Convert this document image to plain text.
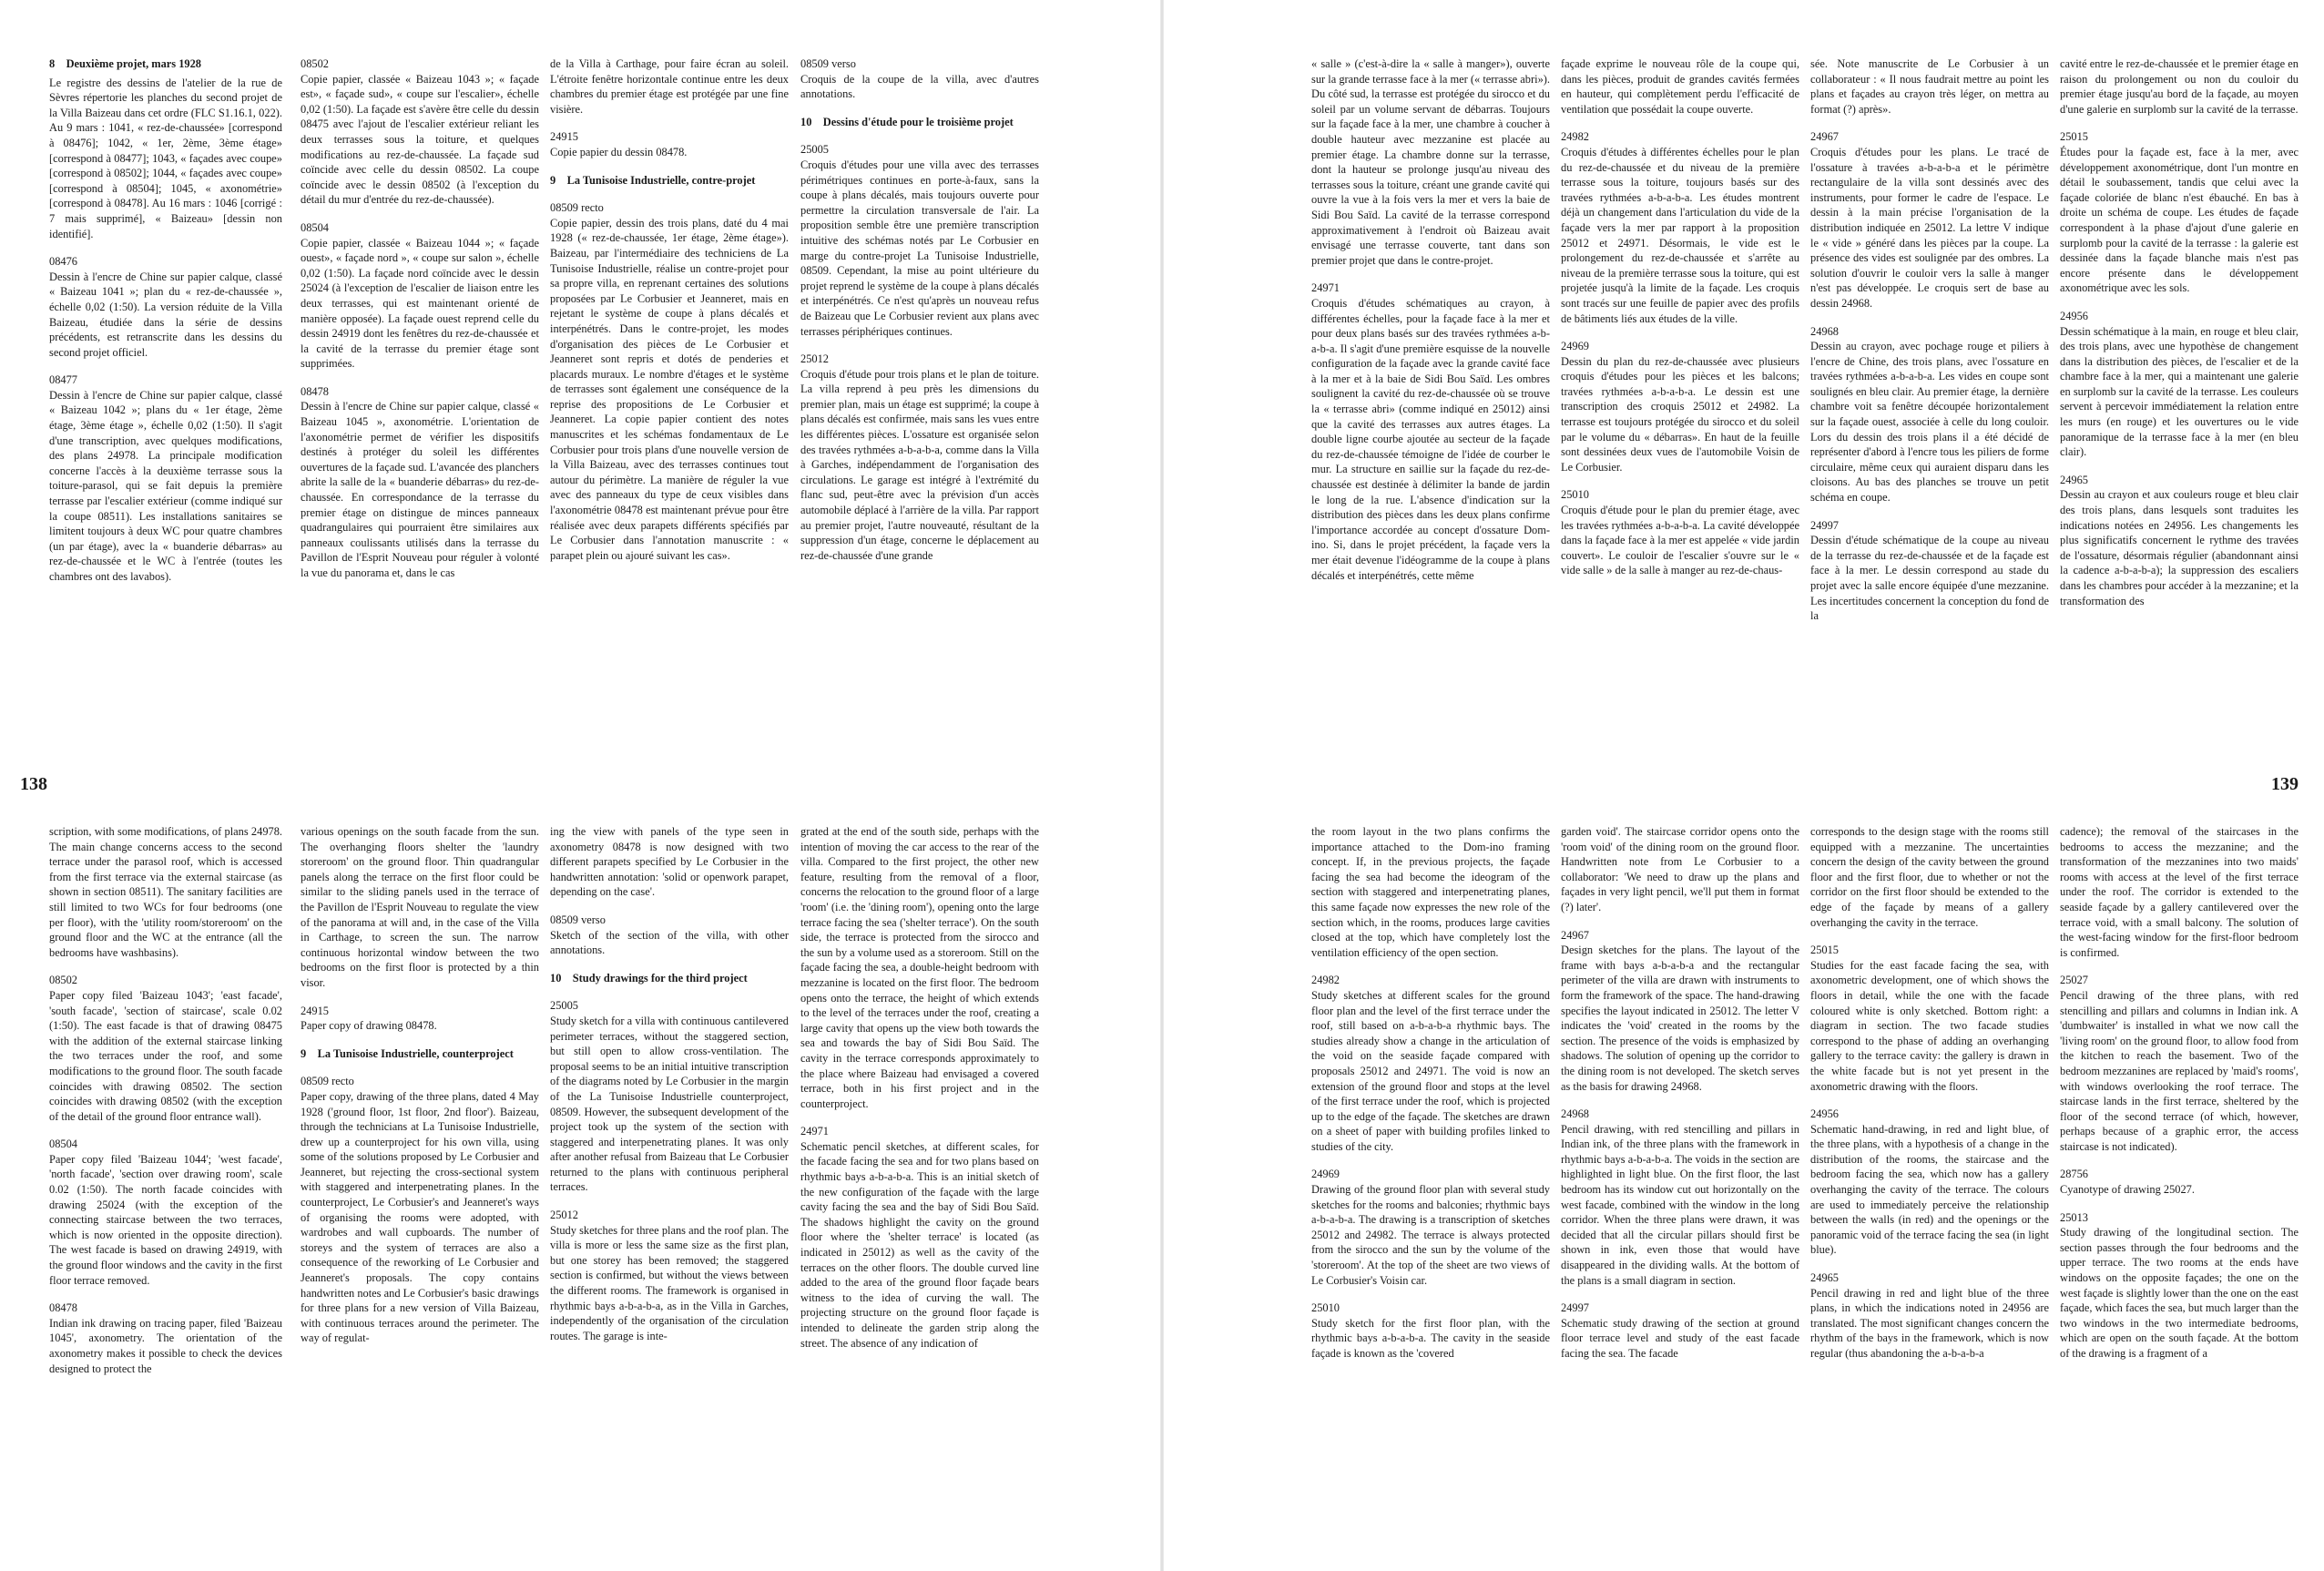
8 Deuxième projet, mars 1928
Le registre des dessins de l'atelier de la rue de Sèvres répertorie les planches du second projet de la Villa Baizeau dans cet ordre (FLC S1.16.1, 022). Au 9 mars : 1041, « rez-de-chaussée» [correspond à 08476]; 1042, « 1er, 2ème, 3ème étage» [correspond à 08477]; 1043, « façades avec coupe» [correspond à 08502]; 1044, « façades avec coupe» [correspond à 08504]; 1045, « axonométrie» [correspond à 08478]. Au 16 mars : 1046 [corrigé : 7 mais supprimé], « Baizeau» [dessin non identifié].

08476
Dessin à l'encre de Chine sur papier calque, classé « Baizeau 1041 »; plan du « rez-de-chaussée », échelle 0,02 (1:50). La version réduite de la Villa Baizeau, étudiée dans la série de dessins précédents, est retranscrite dans les dessins du second projet officiel.

08477
Dessin à l'encre de Chine sur papier calque, classé « Baizeau 1042 »; plans du « 1er étage, 2ème étage, 3ème étage », échelle 0,02 (1:50). Il s'agit d'une transcription, avec quelques modifications, des plans 24978. La principale modification concerne l'accès à la deuxième terrasse sous la toiture-parasol, qui se fait depuis la première terrasse par l'escalier extérieur (comme indiqué sur la coupe 08511). Les installations sanitaires se limitent toujours à deux WC pour quatre chambres (un par étage), avec la « buanderie débarras» au rez-de-chaussée et le WC à l'entrée (toutes les chambres ont des lavabos).

08502
Copie papier, classée « Baizeau 1043 »; « façade est», « façade sud», « coupe sur l'escalier», échelle 0,02 (1:50). La façade est s'avère être celle du dessin 08475 avec l'ajout de l'escalier extérieur reliant les deux terrasses sous la toiture, et quelques modifications au rez-de-chaussée. La façade sud coïncide avec celle du dessin 08502. La coupe coïncide avec le dessin 08502 (à l'exception du détail du mur d'entrée du rez-de-chaussée).

08504
Copie papier, classée « Baizeau 1044 »; « façade ouest», « façade nord », « coupe sur salon », échelle 0,02 (1:50). La façade nord coïncide avec le dessin 25024 (à l'exception de l'escalier de liaison entre les deux terrasses, qui est maintenant orienté de manière opposée). La façade ouest reprend celle du dessin 24919 dont les fenêtres du rez-de-chaussée et la cavité de la terrasse du premier étage sont supprimées.

08478
Dessin à l'encre de Chine sur papier calque, classé « Baizeau 1045 », axonométrie. L'orientation de l'axonométrie permet de vérifier les dispositifs destinés à protéger du soleil les différentes ouvertures de la façade sud. L'avancée des planchers abrite la salle de la « buanderie débarras» du rez-de-chaussée. En correspondance de la terrasse du premier étage on distingue de minces panneaux quadrangulaires qui pourraient être similaires aux panneaux coulissants utilisés dans la terrasse du Pavillon de l'Esprit Nouveau pour réguler à volonté la vue du panorama et, dans le cas

de la Villa à Carthage, pour faire écran au soleil. L'étroite fenêtre horizontale continue entre les deux chambres du premier étage est protégée par une fine visière.

24915
Copie papier du dessin 08478.

9 La Tunisoise Industrielle, contre-projet

08509 recto
Copie papier, dessin des trois plans, daté du 4 mai 1928 (« rez-de-chaussée, 1er étage, 2ème étage»). Baizeau, par l'intermédiaire des techniciens de La Tunisoise Industrielle, réalise un contre-projet pour sa propre villa, en reprenant certaines des solutions proposées par Le Corbusier et Jeanneret, mais en rejetant le système de coupe à plans décalés et interpénétrés. Dans le contre-projet, les modes d'organisation des pièces de Le Corbusier et Jeanneret sont repris et dotés de penderies et placards muraux. Le nombre d'étages et le système de terrasses sont également une conséquence de la reprise des propositions de Le Corbusier et Jeanneret. La copie papier contient des notes manuscrites et les schémas fondamentaux de Le Corbusier pour trois plans d'une nouvelle version de la Villa Baizeau, avec des terrasses continues tout autour du périmètre. La manière de réguler la vue avec des panneaux du type de ceux visibles dans l'axonométrie 08478 est maintenant prévue pour être réalisée avec deux parapets différents spécifiés par Le Corbusier dans l'annotation manuscrite : « parapet plein ou ajouré suivant les cas».

08509 verso
Croquis de la coupe de la villa, avec d'autres annotations.

10 Dessins d'étude pour le troisième projet

25005
Croquis d'études pour une villa avec des terrasses périmétriques continues en porte-à-faux, sans la coupe à plans décalés, mais toujours ouverte pour permettre la circulation transversale de l'air. La proposition semble être une première transcription intuitive des schémas notés par Le Corbusier en marge du contre-projet La Tunisoise Industrielle, 08509. Cependant, la mise au point ultérieure du projet reprend le système de la coupe à plans décalés et interpénétrés. Ce n'est qu'après un nouveau refus de Baizeau que Le Corbusier revient aux plans avec terrasses périphériques continues.

25012
Croquis d'étude pour trois plans et le plan de toiture. La villa reprend à peu près les dimensions du premier plan, mais un étage est supprimé; la coupe à plans décalés est confirmée, mais sans les vues entre les différentes pièces. L'ossature est organisée selon des travées rythmées a-b-a-b-a, comme dans la Villa à Garches, indépendamment de l'organisation des circulations. Le garage est intégré à l'extrémité du flanc sud, peut-être avec la prévision d'un accès automobile déplacé à l'arrière de la villa. Par rapport au premier projet, l'autre nouveauté, résultant de la suppression d'un étage, concerne le déplacement au rez-de-chaussée d'une grande

138

scription, with some modifications, of plans 24978. The main change concerns access to the second terrace under the parasol roof, which is accessed from the first terrace via the external staircase (as shown in section 08511). The sanitary facilities are still limited to two WCs for four bedrooms (one per floor), with the 'utility room/storeroom' on the ground floor and the WC at the entrance (all the bedrooms have washbasins).

08502
Paper copy filed 'Baizeau 1043'; 'east facade', 'south facade', 'section of staircase', scale 0.02 (1:50). The east facade is that of drawing 08475 with the addition of the external staircase linking the two terraces under the roof, and some modifications to the ground floor. The south facade coincides with drawing 08502. The section coincides with drawing 08502 (with the exception of the detail of the ground floor entrance wall).

08504
Paper copy filed 'Baizeau 1044'; 'west facade', 'north facade', 'section over drawing room', scale 0.02 (1:50). The north facade coincides with drawing 25024 (with the exception of the connecting staircase between the two terraces, which is now oriented in the opposite direction). The west facade is based on drawing 24919, with the ground floor windows and the cavity in the first floor terrace removed.

08478
Indian ink drawing on tracing paper, filed 'Baizeau 1045', axonometry. The orientation of the axonometry makes it possible to check the devices designed to protect the

various openings on the south facade from the sun. The overhanging floors shelter the 'laundry storeroom' on the ground floor. Thin quadrangular panels along the terrace on the first floor could be similar to the sliding panels used in the terrace of the Pavillon de l'Esprit Nouveau to regulate the view of the panorama at will and, in the case of the Villa in Carthage, to screen the sun. The narrow continuous horizontal window between the two bedrooms on the first floor is protected by a thin visor.

24915
Paper copy of drawing 08478.

9 La Tunisoise Industrielle, counterproject

08509 recto
Paper copy, drawing of the three plans, dated 4 May 1928 ('ground floor, 1st floor, 2nd floor'). Baizeau, through the technicians at La Tunisoise Industrielle, drew up a counterproject for his own villa, using some of the solutions proposed by Le Corbusier and Jeanneret, but rejecting the cross-sectional system with staggered and interpenetrating planes. In the counterproject, Le Corbusier's and Jeanneret's ways of organising the rooms were adopted, with wardrobes and wall cupboards. The number of storeys and the system of terraces are also a consequence of the reworking of Le Corbusier and Jeanneret's proposals. The copy contains handwritten notes and Le Corbusier's basic drawings for three plans for a new version of Villa Baizeau, with continuous terraces around the perimeter. The way of regulat-

ing the view with panels of the type seen in axonometry 08478 is now designed with two different parapets specified by Le Corbusier in the handwritten annotation: 'solid or openwork parapet, depending on the case'.

08509 verso
Sketch of the section of the villa, with other annotations.

10 Study drawings for the third project

25005
Study sketch for a villa with continuous cantilevered perimeter terraces, without the staggered section, but still open to allow cross-ventilation. The proposal seems to be an initial intuitive transcription of the diagrams noted by Le Corbusier in the margin of the La Tunisoise Industrielle counterproject, 08509. However, the subsequent development of the project took up the system of the section with staggered and interpenetrating planes. It was only after another refusal from Baizeau that Le Corbusier returned to the plans with continuous peripheral terraces.

25012
Study sketches for three plans and the roof plan. The villa is more or less the same size as the first plan, but one storey has been removed; the staggered section is confirmed, but without the views between the different rooms. The framework is organised in rhythmic bays a-b-a-b-a, as in the Villa in Garches, independently of the organisation of the circulation routes. The garage is inte-

grated at the end of the south side, perhaps with the intention of moving the car access to the rear of the villa. Compared to the first project, the other new feature, resulting from the removal of a floor, concerns the relocation to the ground floor of a large 'room' (i.e. the 'dining room'), opening onto the large terrace facing the sea ('shelter terrace'). On the south side, the terrace is protected from the sirocco and the sun by a volume used as a storeroom. Still on the façade facing the sea, a double-height bedroom with mezzanine is located on the first floor. The bedroom opens onto the terrace, the height of which extends to the level of the terraces under the roof, creating a large cavity that opens up the view both towards the sea and towards the bay of Sidi Bou Saïd. The cavity in the terrace corresponds approximately to the place where Baizeau had envisaged a covered terrace, both in his first project and in the counterproject.

24971
Schematic pencil sketches, at different scales, for the facade facing the sea and for two plans based on rhythmic bays a-b-a-b-a. This is an initial sketch of the new configuration of the façade with the large cavity facing the sea and the bay of Sidi Bou Saïd. The shadows highlight the cavity on the ground floor where the 'shelter terrace' is located (as indicated in 25012) as well as the cavity of the terraces on the other floors. The double curved line added to the area of the ground floor façade bears witness to the idea of curving the wall. The projecting structure on the ground floor façade is intended to delineate the garden strip along the street. The absence of any indication of

« salle » (c'est-à-dire la « salle à manger»), ouverte sur la grande terrasse face à la mer (« terrasse abri»). Du côté sud, la terrasse est protégée du sirocco et du soleil par un volume servant de débarras. Toujours sur la façade face à la mer, une chambre à coucher à double hauteur avec mezzanine est placée au premier étage. La chambre donne sur la terrasse, dont la hauteur se prolonge jusqu'au niveau des terrasses sous la toiture, créant une grande cavité qui ouvre la vue à la fois vers la mer et vers la baie de Sidi Bou Saïd. La cavité de la terrasse correspond approximativement à l'endroit où Baizeau avait envisagé une terrasse couverte, tant dans son premier projet que dans le contre-projet.

24971
Croquis d'études schématiques au crayon, à différentes échelles, pour la façade face à la mer et pour deux plans basés sur des travées rythmées a-b-a-b-a. Il s'agit d'une première esquisse de la nouvelle configuration de la façade avec la grande cavité face à la mer et à la baie de Sidi Bou Saïd. Les ombres soulignent la cavité du rez-de-chaussée où se trouve la « terrasse abri» (comme indiqué en 25012) ainsi que la cavité des terrasses aux autres étages. La double ligne courbe ajoutée au secteur de la façade du rez-de-chaussée témoigne de l'idée de courber le mur. La structure en saillie sur la façade du rez-de-chaussée est destinée à délimiter la bande de jardin le long de la rue. L'absence d'indication sur la distribution des pièces dans les deux plans confirme l'importance accordée au concept d'ossature Dom-ino. Si, dans le projet précédent, la façade vers la mer était devenue l'idéogramme de la coupe à plans décalés et interpénétrés, cette même

façade exprime le nouveau rôle de la coupe qui, dans les pièces, produit de grandes cavités fermées en hauteur, qui complètement perdu l'efficacité de ventilation que possédait la coupe ouverte.

24982
Croquis d'études à différentes échelles pour le plan du rez-de-chaussée et du niveau de la première terrasse sous la toiture, toujours basés sur des travées rythmées a-b-a-b-a. Les études montrent déjà un changement dans l'articulation du vide de la façade vers la mer par rapport à la proposition 25012 et 24971. Désormais, le vide est le prolongement du rez-de-chaussée et s'arrête au niveau de la première terrasse sous la toiture, qui est projetée jusqu'à la limite de la façade. Les croquis sont tracés sur une feuille de papier avec des profils de bâtiments liés aux études de la ville.

24969
Dessin du plan du rez-de-chaussée avec plusieurs croquis d'études pour les pièces et les balcons; travées rythmées a-b-a-b-a. Le dessin est une transcription des croquis 25012 et 24982. La terrasse est toujours protégée du sirocco et du soleil par le volume du « débarras». En haut de la feuille sont dessinées deux vues de l'automobile Voisin de Le Corbusier.

25010
Croquis d'étude pour le plan du premier étage, avec les travées rythmées a-b-a-b-a. La cavité développée dans la façade face à la mer est appelée « vide jardin couvert». Le couloir de l'escalier s'ouvre sur le « vide salle » de la salle à manger au rez-de-chaus-

sée. Note manuscrite de Le Corbusier à un collaborateur : « Il nous faudrait mettre au point les plans et façades au crayon très léger, on mettra au format (?) après».

24967
Croquis d'études pour les plans. Le tracé de l'ossature à travées a-b-a-b-a et le périmètre rectangulaire de la villa sont dessinés avec des instruments, pour former le cadre de l'espace. Le dessin à la main précise l'organisation de la distribution indiquée en 25012. La lettre V indique le « vide » généré dans les pièces par la coupe. La présence des vides est soulignée par des ombres. La solution d'ouvrir le couloir vers la salle à manger n'est pas développée. Le croquis sert de base au dessin 24968.

24968
Dessin au crayon, avec pochage rouge et piliers à l'encre de Chine, des trois plans, avec l'ossature en travées rythmées a-b-a-b-a. Les vides en coupe sont soulignés en bleu clair. Au premier étage, la dernière chambre voit sa fenêtre découpée horizontalement sur la façade ouest, associée à celle du long couloir. Lors du dessin des trois plans il a été décidé de représenter d'abord à l'encre tous les piliers de forme circulaire, même ceux qui auraient disparu dans les cloisons. Au bas des planches se trouve un petit schéma en coupe.

24997
Dessin d'étude schématique de la coupe au niveau de la terrasse du rez-de-chaussée et de la façade est face à la mer. Le dessin correspond au stade du projet avec la salle encore équipée d'une mezzanine. Les incertitudes concernent la conception du fond de la

cavité entre le rez-de-chaussée et le premier étage en raison du prolongement ou non du couloir du premier étage jusqu'au bord de la façade, au moyen d'une galerie en surplomb sur la cavité de la terrasse.

25015
Études pour la façade est, face à la mer, avec développement axonométrique, dont l'un montre en détail le soubassement, tandis que celui avec la façade coloriée de blanc n'est ébauché. En bas à droite un schéma de coupe. Les études de façade correspondent à la phase d'ajout d'une galerie en surplomb pour la cavité de la terrasse : la galerie est dessinée dans la façade blanche mais n'est pas encore présente dans le développement axonométrique avec les sols.

24956
Dessin schématique à la main, en rouge et bleu clair, des trois plans, avec une hypothèse de changement dans la distribution des pièces, de l'escalier et de la chambre face à la mer, qui a maintenant une galerie en surplomb sur la cavité de la terrasse. Les couleurs servent à percevoir immédiatement la relation entre les murs (en rouge) et les ouvertures ou le vide panoramique de la terrasse face à la mer (en bleu clair).

24965
Dessin au crayon et aux couleurs rouge et bleu clair des trois plans, dans lesquels sont traduites les indications notées en 24956. Les changements les plus significatifs concernent le rythme des travées de l'ossature, désormais régulier (abandonnant ainsi la cadence a-b-a-b-a); la suppression des escaliers dans les chambres pour accéder à la mezzanine; et la transformation des

139

the room layout in the two plans confirms the importance attached to the Dom-ino framing concept. If, in the previous projects, the façade facing the sea had become the ideogram of the section with staggered and interpenetrating planes, this same façade now expresses the new role of the section which, in the rooms, produces large cavities closed at the top, which have completely lost the ventilation efficiency of the open section.

24982
Study sketches at different scales for the ground floor plan and the level of the first terrace under the roof, still based on a-b-a-b-a rhythmic bays. The studies already show a change in the articulation of the void on the seaside façade compared with proposals 25012 and 24971. The void is now an extension of the ground floor and stops at the level of the first terrace under the roof, which is projected up to the edge of the façade. The sketches are drawn on a sheet of paper with building profiles linked to studies of the city.

24969
Drawing of the ground floor plan with several study sketches for the rooms and balconies; rhythmic bays a-b-a-b-a. The drawing is a transcription of sketches 25012 and 24982. The terrace is always protected from the sirocco and the sun by the volume of the 'storeroom'. At the top of the sheet are two views of Le Corbusier's Voisin car.

25010
Study sketch for the first floor plan, with the rhythmic bays a-b-a-b-a. The cavity in the seaside façade is known as the 'covered

garden void'. The staircase corridor opens onto the 'room void' of the dining room on the ground floor. Handwritten note from Le Corbusier to a collaborator: 'We need to draw up the plans and façades in very light pencil, we'll put them in format (?) later'.

24967
Design sketches for the plans. The layout of the frame with bays a-b-a-b-a and the rectangular perimeter of the villa are drawn with instruments to form the framework of the space. The hand-drawing specifies the layout indicated in 25012. The letter V indicates the 'void' created in the rooms by the section. The presence of the voids is emphasized by shadows. The solution of opening up the corridor to the dining room is not developed. The sketch serves as the basis for drawing 24968.

24968
Pencil drawing, with red stencilling and pillars in Indian ink, of the three plans with the framework in rhythmic bays a-b-a-b-a. The voids in the section are highlighted in light blue. On the first floor, the last bedroom has its window cut out horizontally on the west facade, combined with the window in the long corridor. When the three plans were drawn, it was decided that all the circular pillars should first be shown in ink, even those that would have disappeared in the dividing walls. At the bottom of the plans is a small diagram in section.

24997
Schematic study drawing of the section at ground floor terrace level and study of the east facade facing the sea. The facade

corresponds to the design stage with the rooms still equipped with a mezzanine. The uncertainties concern the design of the cavity between the ground floor and the first floor, due to whether or not the corridor on the first floor should be extended to the edge of the façade by means of a gallery overhanging the cavity in the terrace.

25015
Studies for the east facade facing the sea, with axonometric development, one of which shows the floors in detail, while the one with the facade coloured white is only sketched. Bottom right: a diagram in section. The two facade studies correspond to the phase of adding an overhanging gallery to the terrace cavity: the gallery is drawn in the white facade but is not yet present in the axonometric drawing with the floors.

24956
Schematic hand-drawing, in red and light blue, of the three plans, with a hypothesis of a change in the distribution of the rooms, the staircase and the bedroom facing the sea, which now has a gallery overhanging the cavity of the terrace. The colours are used to immediately perceive the relationship between the walls (in red) and the openings or the panoramic void of the terrace facing the sea (in light blue).

24965
Pencil drawing in red and light blue of the three plans, in which the indications noted in 24956 are translated. The most significant changes concern the rhythm of the bays in the framework, which is now regular (thus abandoning the a-b-a-b-a

cadence); the removal of the staircases in the bedrooms to access the mezzanine; and the transformation of the mezzanines into two maids' rooms with access at the level of the first terrace under the roof. The corridor is extended to the seaside façade by a gallery cantilevered over the terrace void, with a small balcony. The solution of the west-facing window for the first-floor bedroom is confirmed.

25027
Pencil drawing of the three plans, with red stencilling and pillars and columns in Indian ink. A 'dumbwaiter' is installed in what we now call the 'living room' on the ground floor, to allow food from the kitchen to reach the basement. Two of the bedroom mezzanines are replaced by 'maid's rooms', with windows overlooking the roof terrace. The staircase lands in the first terrace, sheltered by the floor of the second terrace (of which, however, perhaps because of a graphic error, the access staircase is not indicated).

28756
Cyanotype of drawing 25027.

25013
Study drawing of the longitudinal section. The section passes through the four bedrooms and the upper terrace. The two rooms at the ends have windows on the opposite façades; the one on the west façade is slightly lower than the one on the east façade, which faces the sea, but much larger than the two windows in the two intermediate bedrooms, which are open on the south façade. At the bottom of the drawing is a fragment of a
